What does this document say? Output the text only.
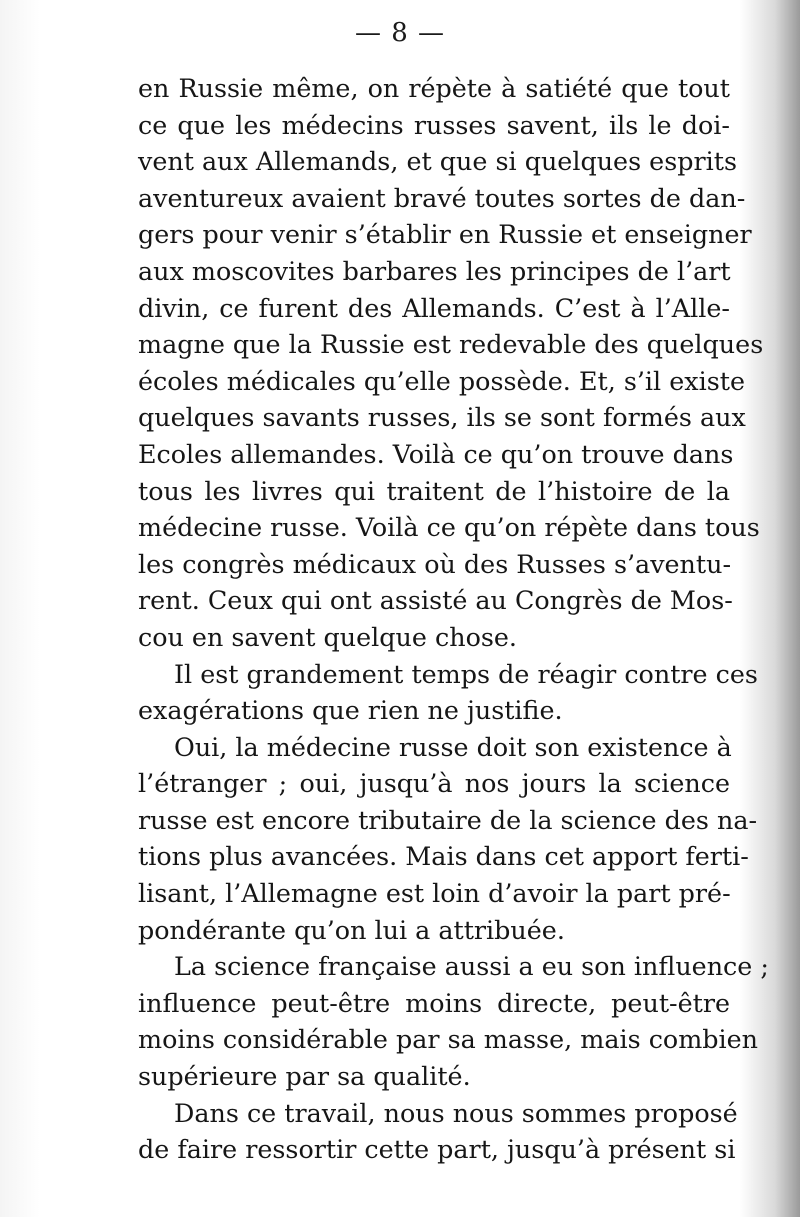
— 8 —
en Russie même, on répète à satiété que tout
ce que les médecins russes savent, ils le doi-
vent aux Allemands, et que si quelques esprits
aventureux avaient bravé toutes sortes de dan-
gers pour venir s’établir en Russie et enseigner
aux moscovites barbares les principes de l’art
divin, ce furent des Allemands. C’est à l’Alle-
magne que la Russie est redevable des quelques
écoles médicales qu’elle possède. Et, s’il existe
quelques savants russes, ils se sont formés aux
Ecoles allemandes. Voilà ce qu’on trouve dans
tous les livres qui traitent de l’histoire de la
médecine russe. Voilà ce qu’on répète dans tous
les congrès médicaux où des Russes s’aventu-
rent. Ceux qui ont assisté au Congrès de Mos-
cou en savent quelque chose.
Il est grandement temps de réagir contre ces
exagérations que rien ne justifie.
Oui, la médecine russe doit son existence à
l’étranger ; oui, jusqu’à nos jours la science
russe est encore tributaire de la science des na-
tions plus avancées. Mais dans cet apport ferti-
lisant, l’Allemagne est loin d’avoir la part pré-
pondérante qu’on lui a attribuée.
La science française aussi a eu son influence ;
influence peut-être moins directe, peut-être
moins considérable par sa masse, mais combien
supérieure par sa qualité.
Dans ce travail, nous nous sommes proposé
de faire ressortir cette part, jusqu’à présent si
